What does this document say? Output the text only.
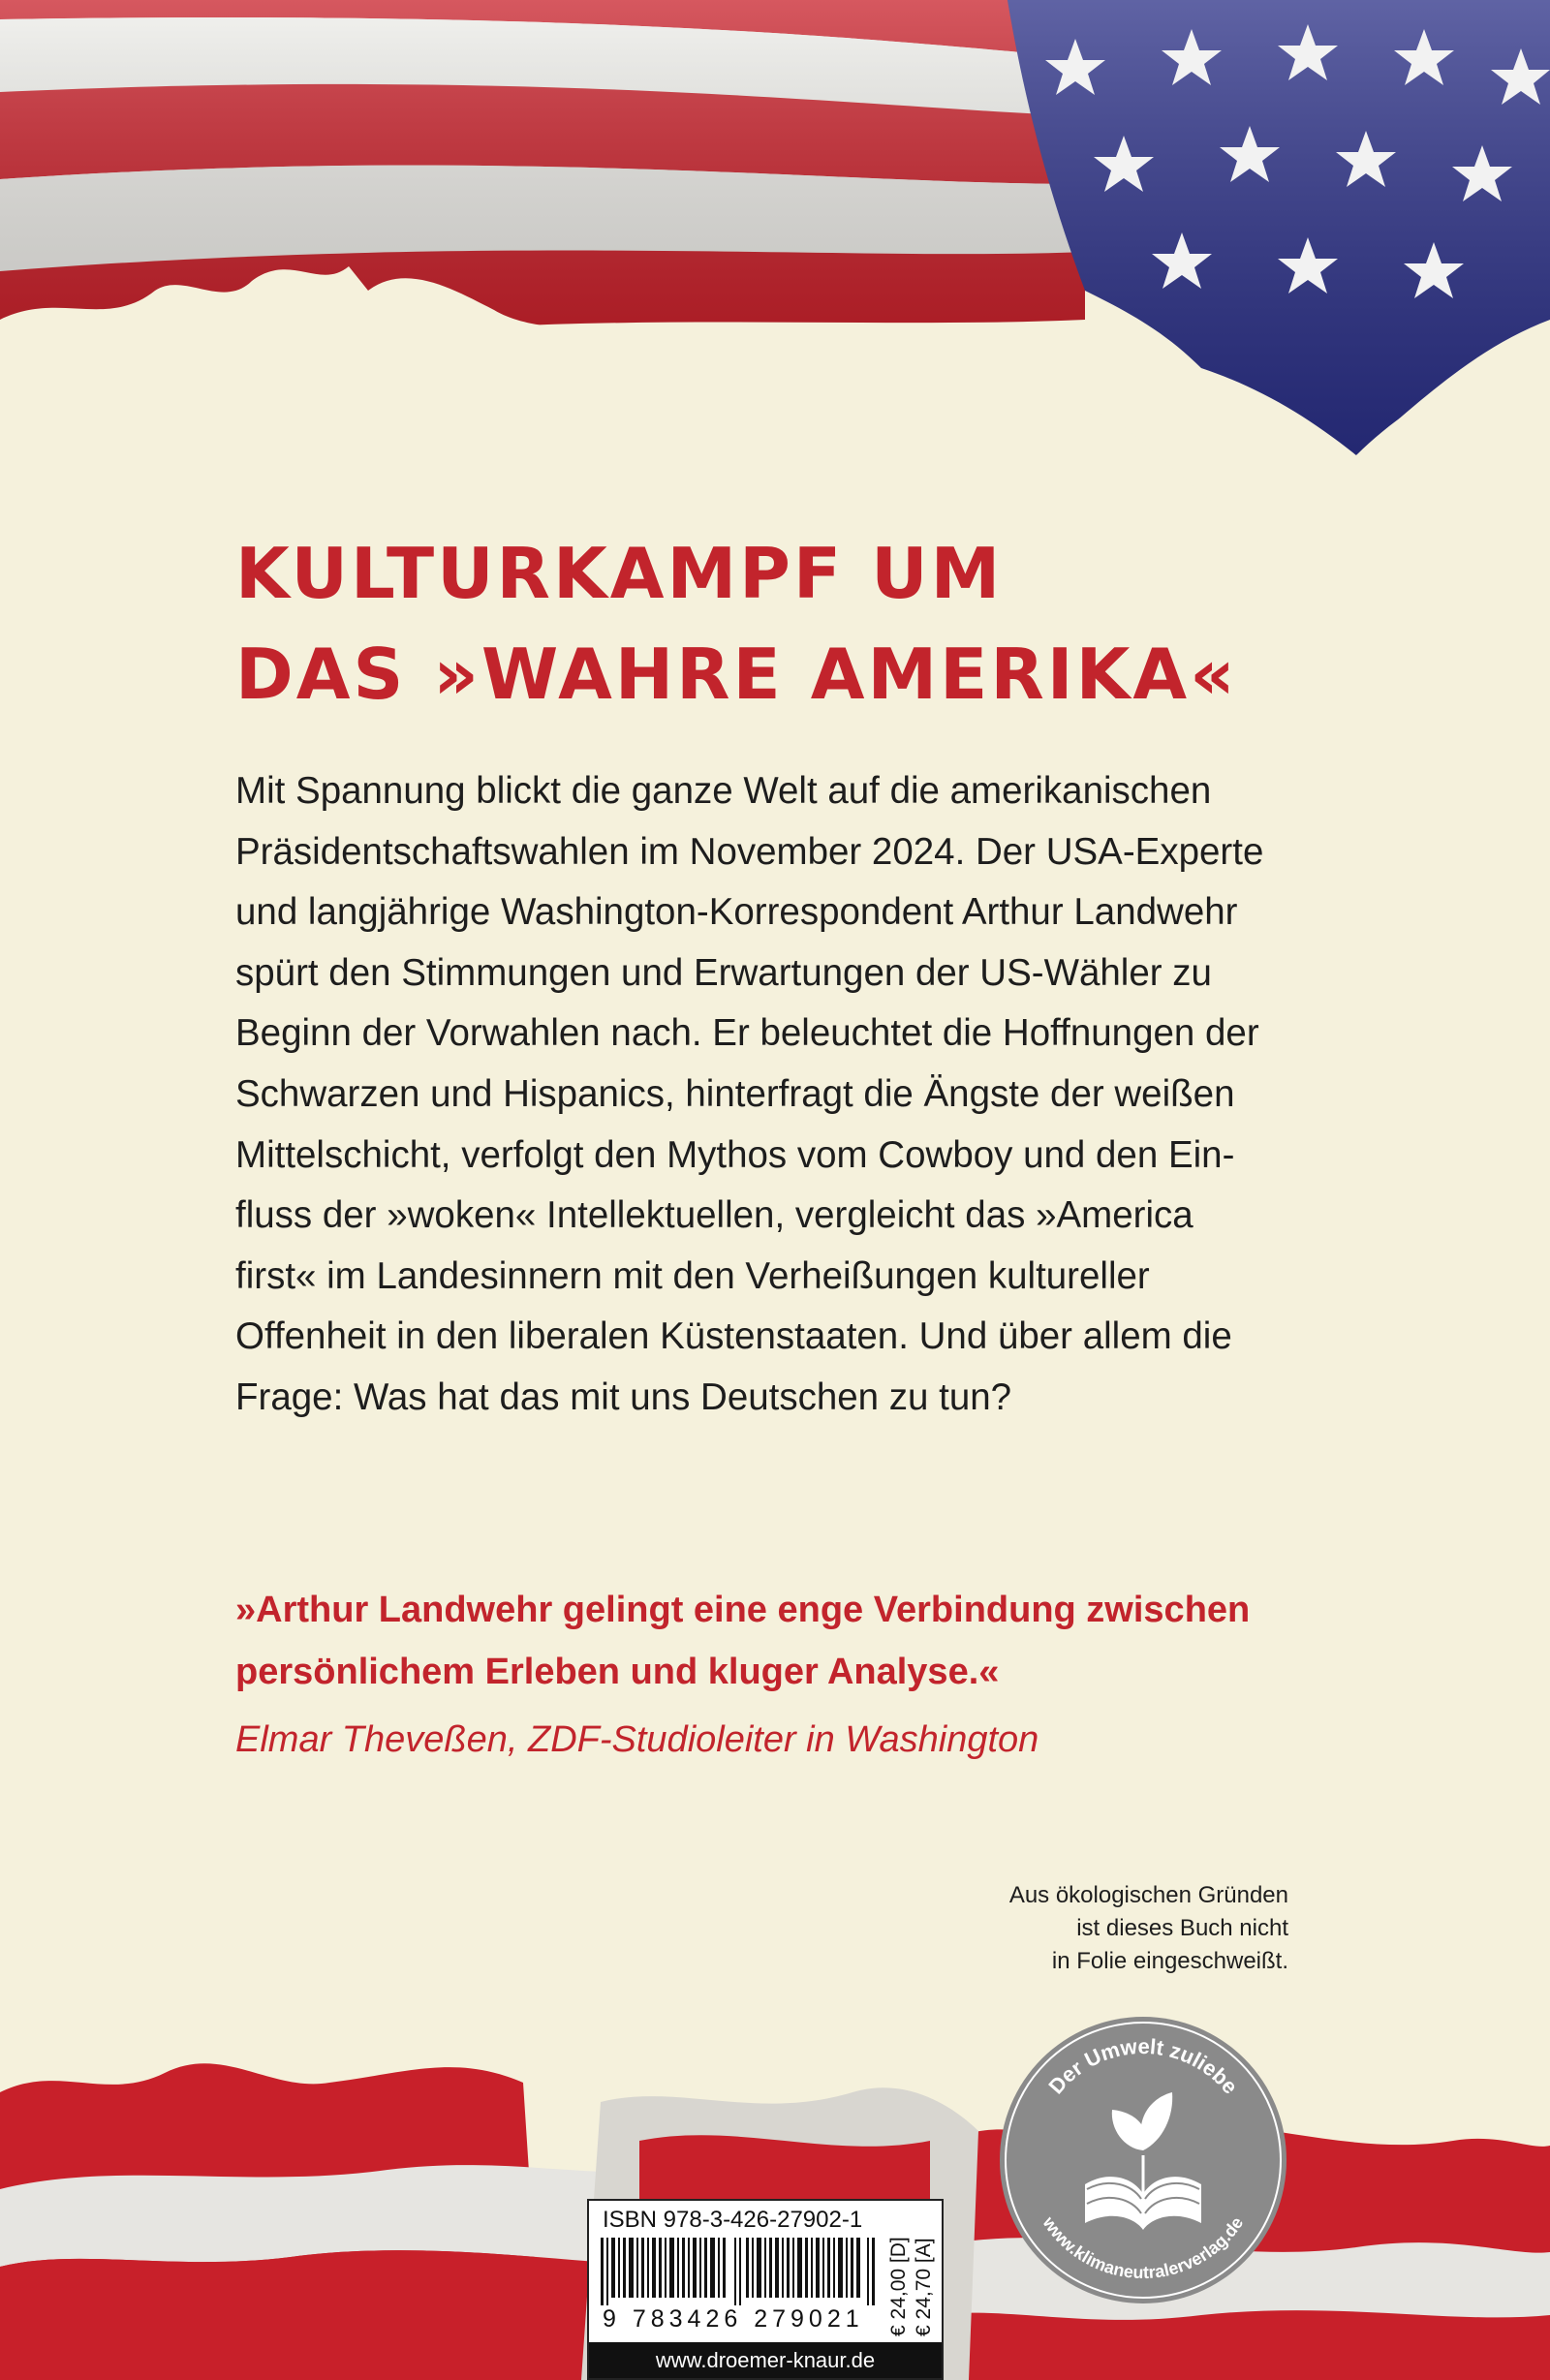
KULTURKAMPF UM
DAS »WAHRE AMERIKA«
Mit Spannung blickt die ganze Welt auf die amerikanischen
Präsidentschaftswahlen im November 2024. Der USA-Experte
und langjährige Washington-Korrespondent Arthur Landwehr
spürt den Stimmungen und Erwartungen der US-Wähler zu
Beginn der Vorwahlen nach. Er beleuchtet die Hoffnungen der
Schwarzen und Hispanics, hinterfragt die Ängste der weißen
Mittelschicht, verfolgt den Mythos vom Cowboy und den Ein-
fluss der »woken« Intellektuellen, vergleicht das »America
first« im Landesinnern mit den Verheißungen kultureller
Offenheit in den liberalen Küstenstaaten. Und über allem die
Frage: Was hat das mit uns Deutschen zu tun?
»Arthur Landwehr gelingt eine enge Verbindung zwischen
persönlichem Erleben und kluger Analyse.«

Elmar Theveßen, ZDF-Studioleiter in Washington

Aus ökologischen Gründen
ist dieses Buch nicht
in Folie eingeschweißt.

Der Umwelt zuliebe
www.klimaneutralerverlag.de

ISBN 978-3-426-27902-1

9 783426 279021 € 24,00 [D] € 24,70 [A]
www.droemer-knaur.de
